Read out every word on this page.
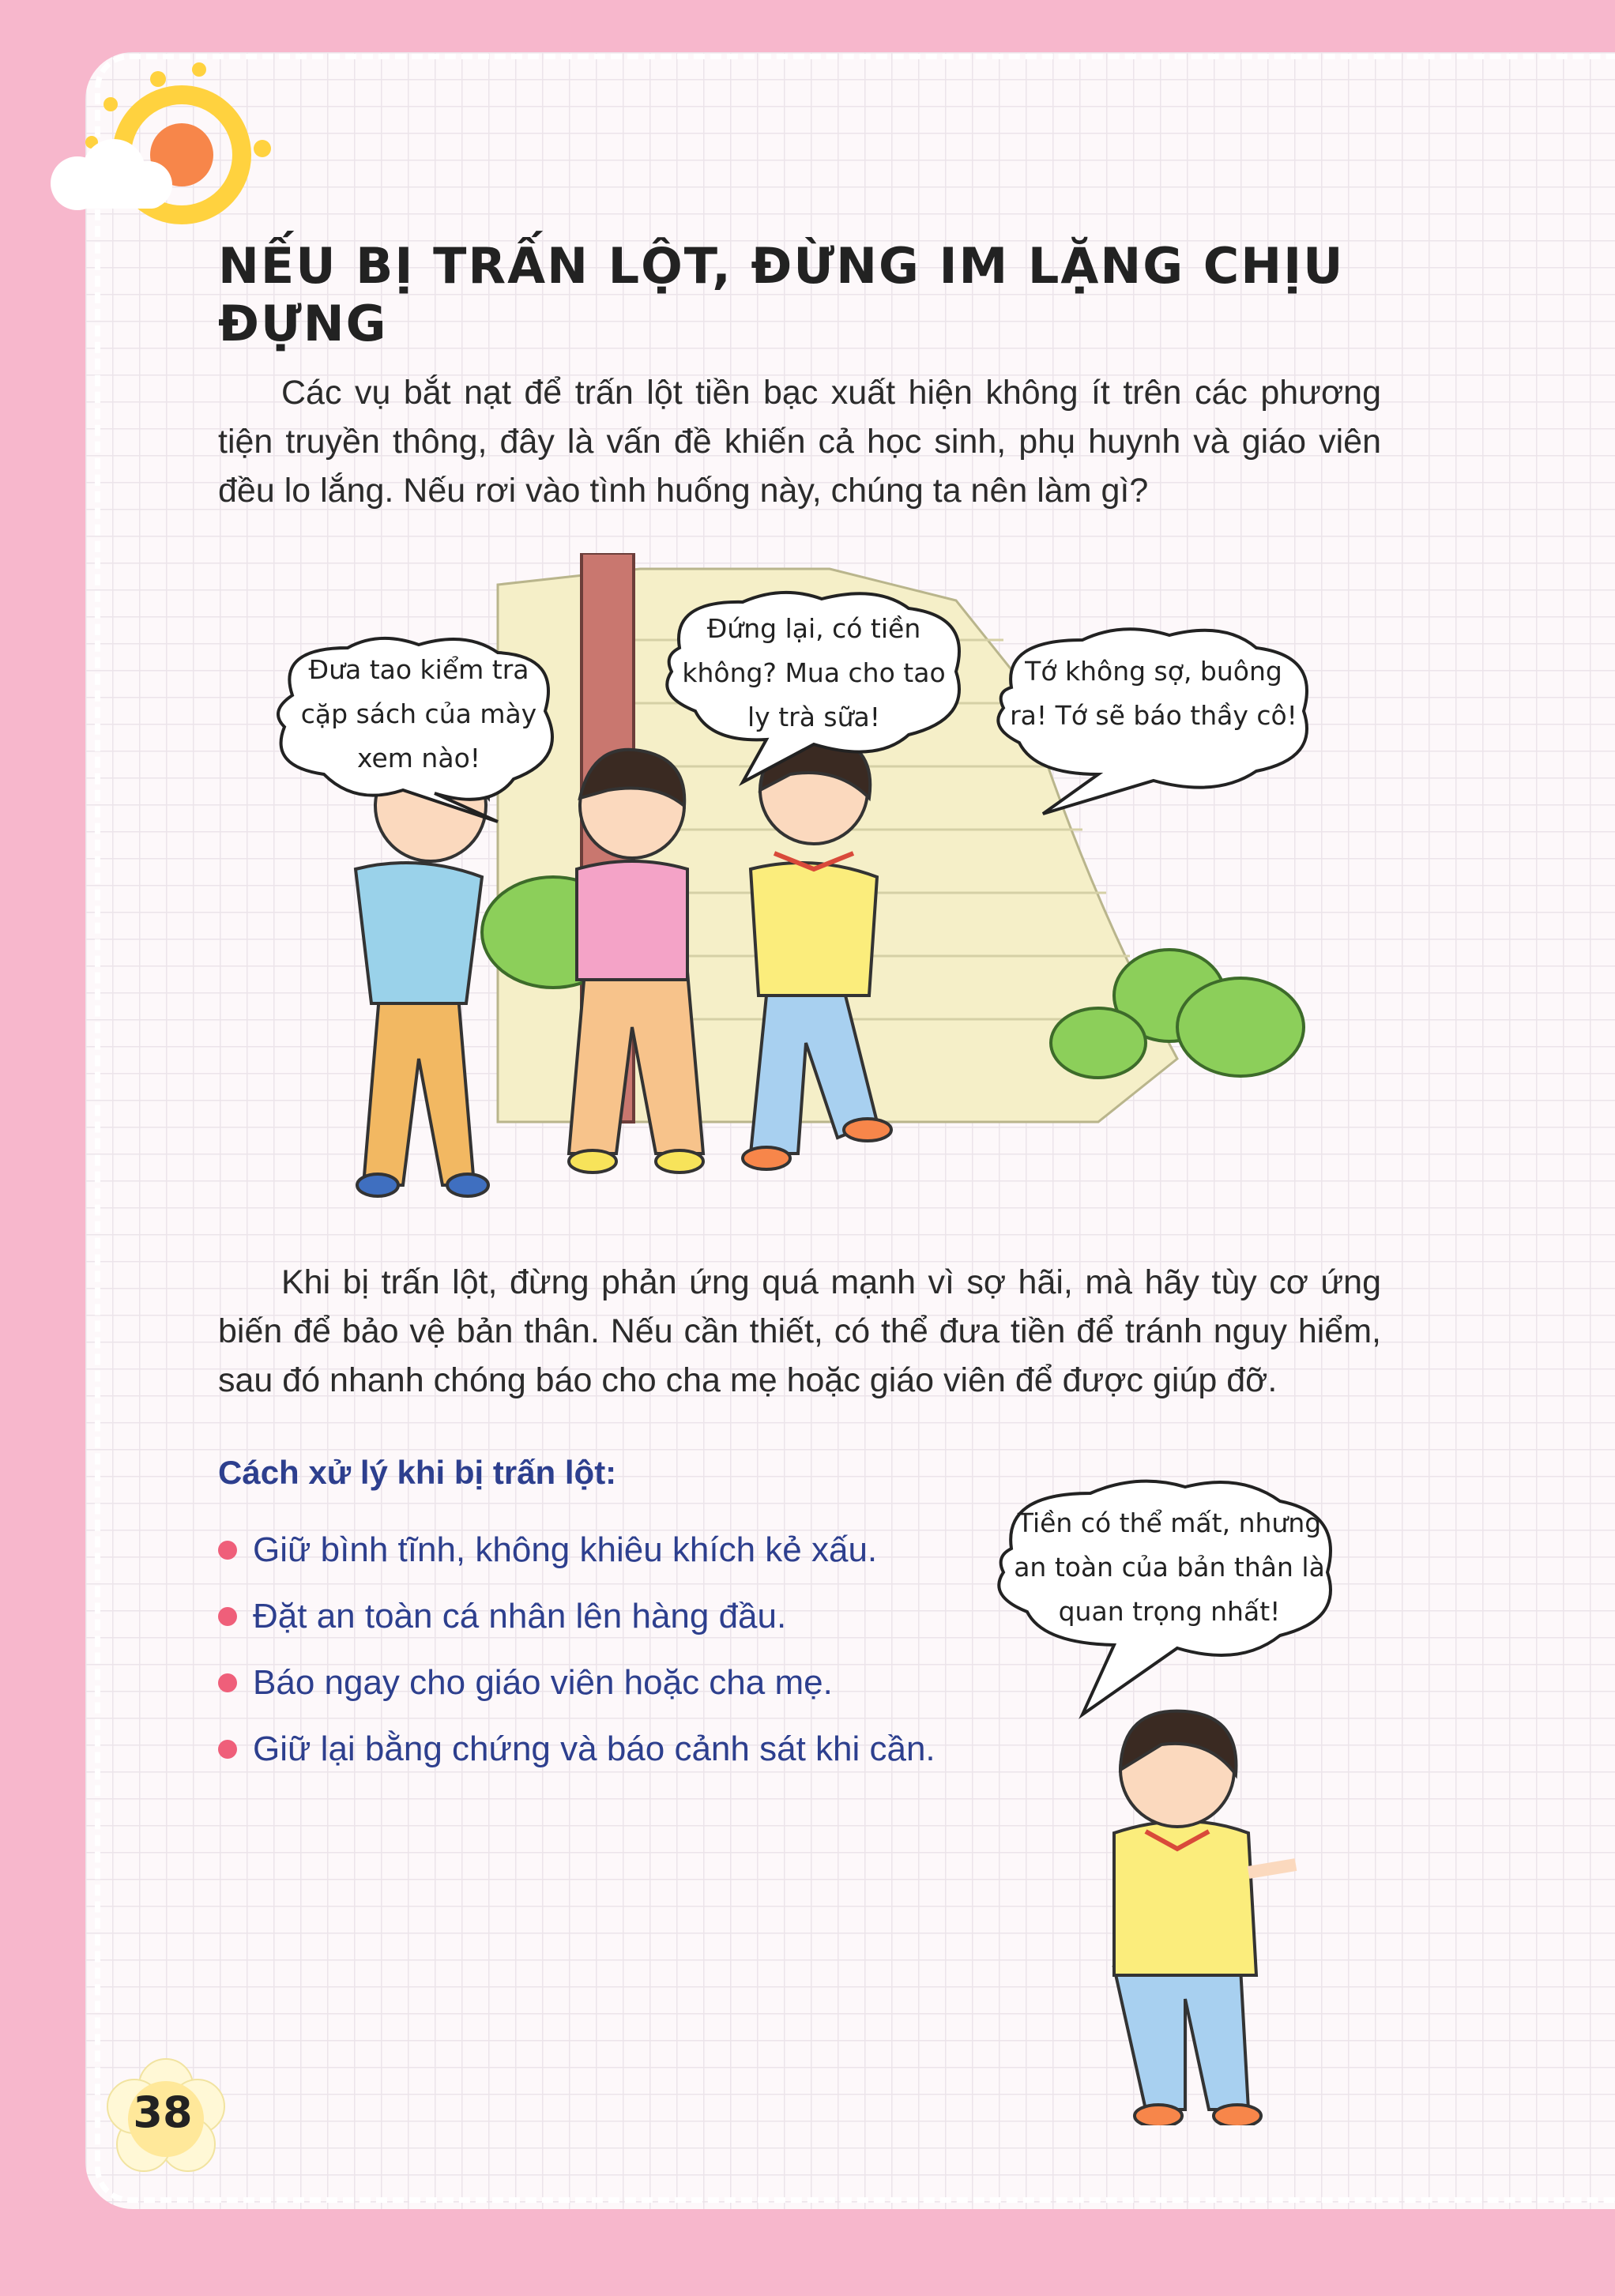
NẾU BỊ TRẤN LỘT, ĐỪNG IM LẶNG CHỊU ĐỰNG

Các vụ bắt nạt để trấn lột tiền bạc xuất hiện không ít trên các phương tiện truyền thông, đây là vấn đề khiến cả học sinh, phụ huynh và giáo viên đều lo lắng. Nếu rơi vào tình huống này, chúng ta nên làm gì?

Đưa tao kiểm tra cặp sách của mày xem nào!
Đứng lại, có tiền không? Mua cho tao ly trà sữa!
Tớ không sợ, buông ra! Tớ sẽ báo thầy cô!

Khi bị trấn lột, đừng phản ứng quá mạnh vì sợ hãi, mà hãy tùy cơ ứng biến để bảo vệ bản thân. Nếu cần thiết, có thể đưa tiền để tránh nguy hiểm, sau đó nhanh chóng báo cho cha mẹ hoặc giáo viên để được giúp đỡ.

Cách xử lý khi bị trấn lột:
Giữ bình tĩnh, không khiêu khích kẻ xấu.
Đặt an toàn cá nhân lên hàng đầu.
Báo ngay cho giáo viên hoặc cha mẹ.
Giữ lại bằng chứng và báo cảnh sát khi cần.
Tiền có thể mất, nhưng an toàn của bản thân là quan trọng nhất!
38
